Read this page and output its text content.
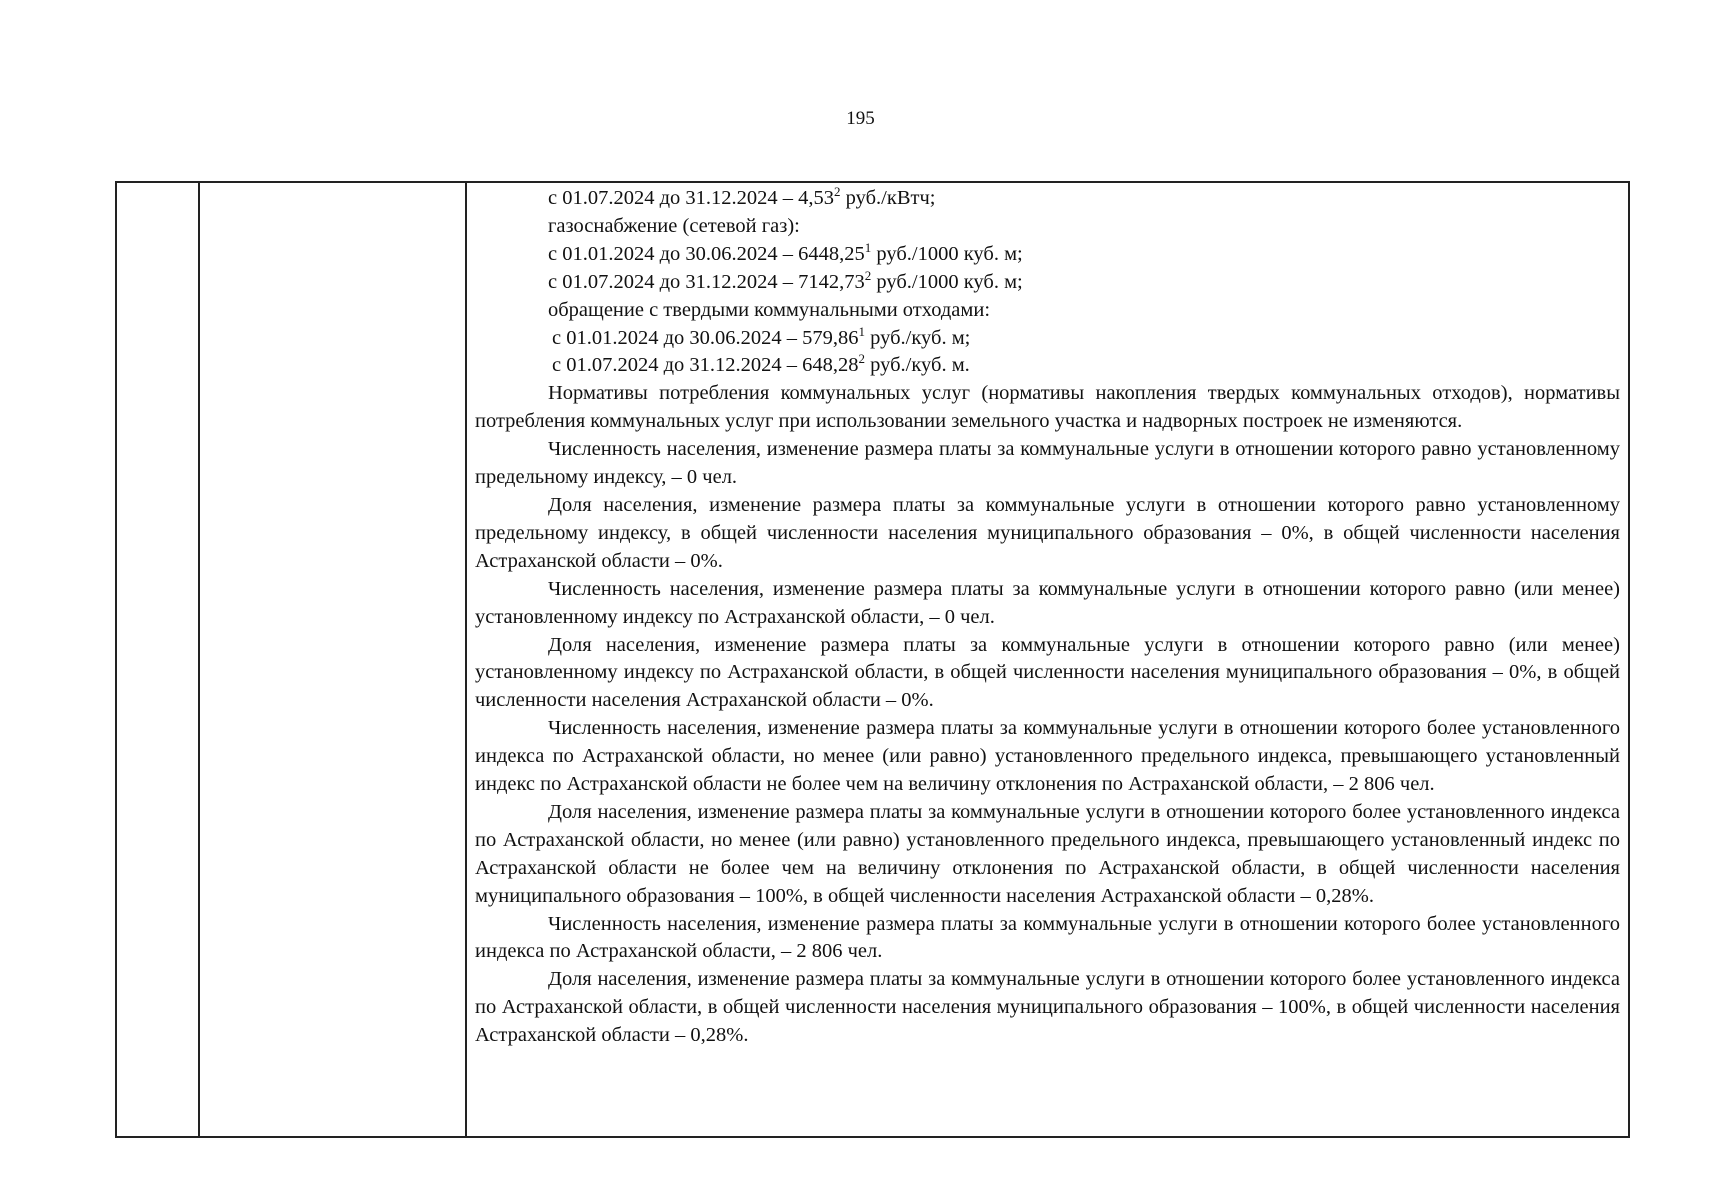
195

с 01.07.2024 до 31.12.2024 – 4,53$^2$ руб./кВтч;
газоснабжение (сетевой газ):
с 01.01.2024 до 30.06.2024 – 6448,25$^1$ руб./1000 куб. м;
с 01.07.2024 до 31.12.2024 – 7142,73$^2$ руб./1000 куб. м;
обращение с твердыми коммунальными отходами:
с 01.01.2024 до 30.06.2024 – 579,86$^1$ руб./куб. м;
с 01.07.2024 до 31.12.2024 – 648,28$^2$ руб./куб. м.

Нормативы потребления коммунальных услуг (нормативы накопления твердых коммунальных отходов), нормативы потребления коммунальных услуг при использовании земельного участка и надворных построек не изменяются.

Численность населения, изменение размера платы за коммунальные услуги в отношении которого равно установленному предельному индексу, – 0 чел.

Доля населения, изменение размера платы за коммунальные услуги в отношении которого равно установленному предельному индексу, в общей численности населения муниципального образования – 0%, в общей численности населения Астраханской области – 0%.

Численность населения, изменение размера платы за коммунальные услуги в отношении которого равно (или менее) установленному индексу по Астраханской области, – 0 чел.

Доля населения, изменение размера платы за коммунальные услуги в отношении которого равно (или менее) установленному индексу по Астраханской области, в общей численности населения муниципального образования – 0%, в общей численности населения Астраханской области – 0%.

Численность населения, изменение размера платы за коммунальные услуги в отношении которого более установленного индекса по Астраханской области, но менее (или равно) установленного предельного индекса, превышающего установленный индекс по Астраханской области не более чем на величину отклонения по Астраханской области, – 2 806 чел.

Доля населения, изменение размера платы за коммунальные услуги в отношении которого более установленного индекса по Астраханской области, но менее (или равно) установленного предельного индекса, превышающего установленный индекс по Астраханской области не более чем на величину отклонения по Астраханской области, в общей численности населения муниципального образования – 100%, в общей численности населения Астраханской области – 0,28%.

Численность населения, изменение размера платы за коммунальные услуги в отношении которого более установленного индекса по Астраханской области, – 2 806 чел.

Доля населения, изменение размера платы за коммунальные услуги в отношении которого более установленного индекса по Астраханской области, в общей численности населения муниципального образования – 100%, в общей численности населения Астраханской области – 0,28%.
